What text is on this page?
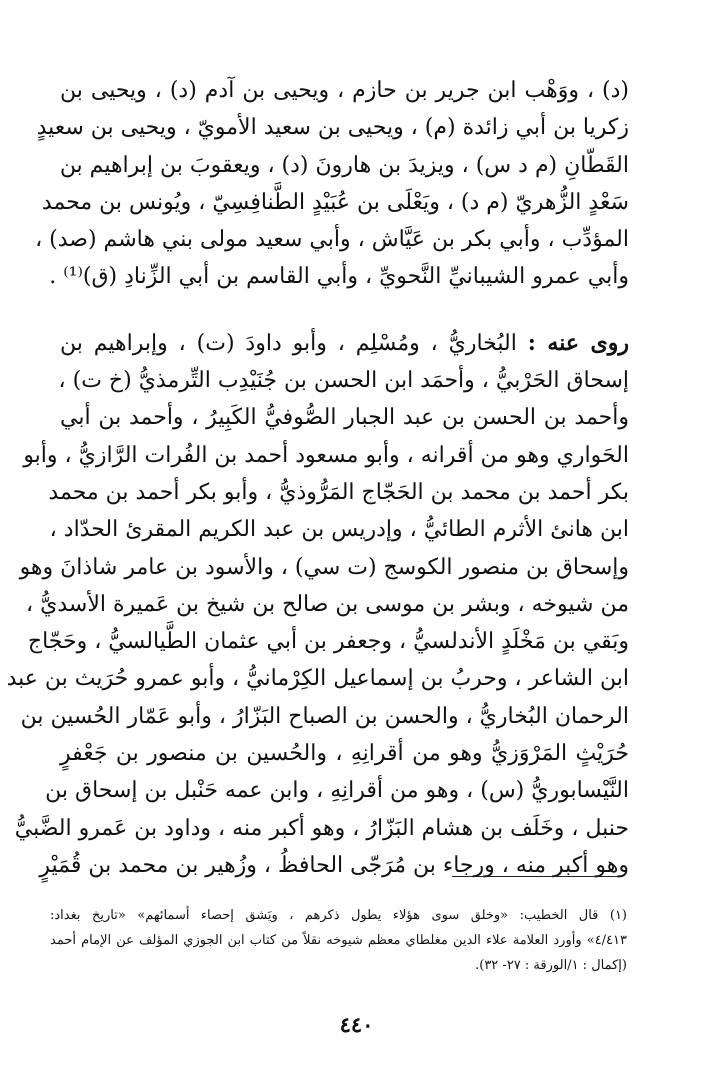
(د) ، ووَهْب ابن جرير بن حازم ، ويحيى بن آدم (د) ، ويحيى بن
زكريا بن أبي زائدة (م) ، ويحيى بن سعيد الأمويّ ، ويحيى بن سعيدٍ
القَطّانِ (م د س) ، ويزيدَ بن هارونَ (د) ، ويعقوبَ بن إبراهيم بن
سَعْدٍ الزُّهريّ (م د) ، ويَعْلَى بن عُبَيْدٍ الطَّنافِسِيّ ، ويُونس بن محمد
المؤدِّب ، وأبي بكر بن عَيَّاش ، وأبي سعيد مولى بني هاشم (صد) ،
وأبي عمرو الشيبانيِّ النَّحويِّ ، وأبي القاسم بن أبي الزِّنادِ (ق)⁽¹⁾ .
روى عنه : البُخاريُّ ، ومُسْلِم ، وأبو داودَ (ت) ، وإبراهيم بن
إسحاق الحَرْبيُّ ، وأحمَد ابن الحسن بن جُنَيْدِب التِّرمذيُّ (خ ت) ،
وأحمد بن الحسن بن عبد الجبار الصُّوفيُّ الكَبِيرُ ، وأحمد بن أبي
الحَواري وهو من أقرانه ، وأبو مسعود أحمد بن الفُرات الرَّازيُّ ، وأبو
بكر أحمد بن محمد بن الحَجّاج المَرُّوذيُّ ، وأبو بكر أحمد بن محمد
ابن هانئ الأثرم الطائيُّ ، وإدريس بن عبد الكريم المقرئ الحدّاد ،
وإسحاق بن منصور الكوسج (ت سي) ، والأسود بن عامر شاذانَ وهو
من شيوخه ، وبشر بن موسى بن صالح بن شيخ بن عَميرة الأسديُّ ،
وبَقي بن مَخْلَدٍ الأندلسيُّ ، وجعفر بن أبي عثمان الطَّيالسيُّ ، وحَجّاج
ابن الشاعر ، وحربُ بن إسماعيل الكِرْمانيُّ ، وأبو عمرو حُرَيث بن عبد
الرحمان البُخاريُّ ، والحسن بن الصباح البَزّارُ ، وأبو عَمّار الحُسين بن
حُرَيْثٍ المَرْوَزيُّ وهو من أقرانِهِ ، والحُسين بن منصور بن جَعْفرٍ
النَّيْسابوريُّ (س) ، وهو من أقرانِهِ ، وابن عمه حَنْبل بن إسحاق بن
حنبل ، وخَلَف بن هشام البَزّارُ ، وهو أكبر منه ، وداود بن عَمرو الضَّبيُّ
وهو أكبر منه ، ورجاء بن مُرَجّى الحافظُ ، وزُهير بن محمد بن قُمَيْرٍ
(١) قال الخطيب: «وخلق سوى هؤلاء يطول ذكرهم ، ويَشق إحصاء أسمائهم» «تاريخ بغداد:
٤/٤١٣» وأورد العلامة علاء الدين مغلطاي معظم شيوخه نقلاً من كتاب ابن الجوزي المؤلف عن الإمام أحمد
(إكمال : ١/الورقة : ٢٧- ٣٢).
٤٤٠
